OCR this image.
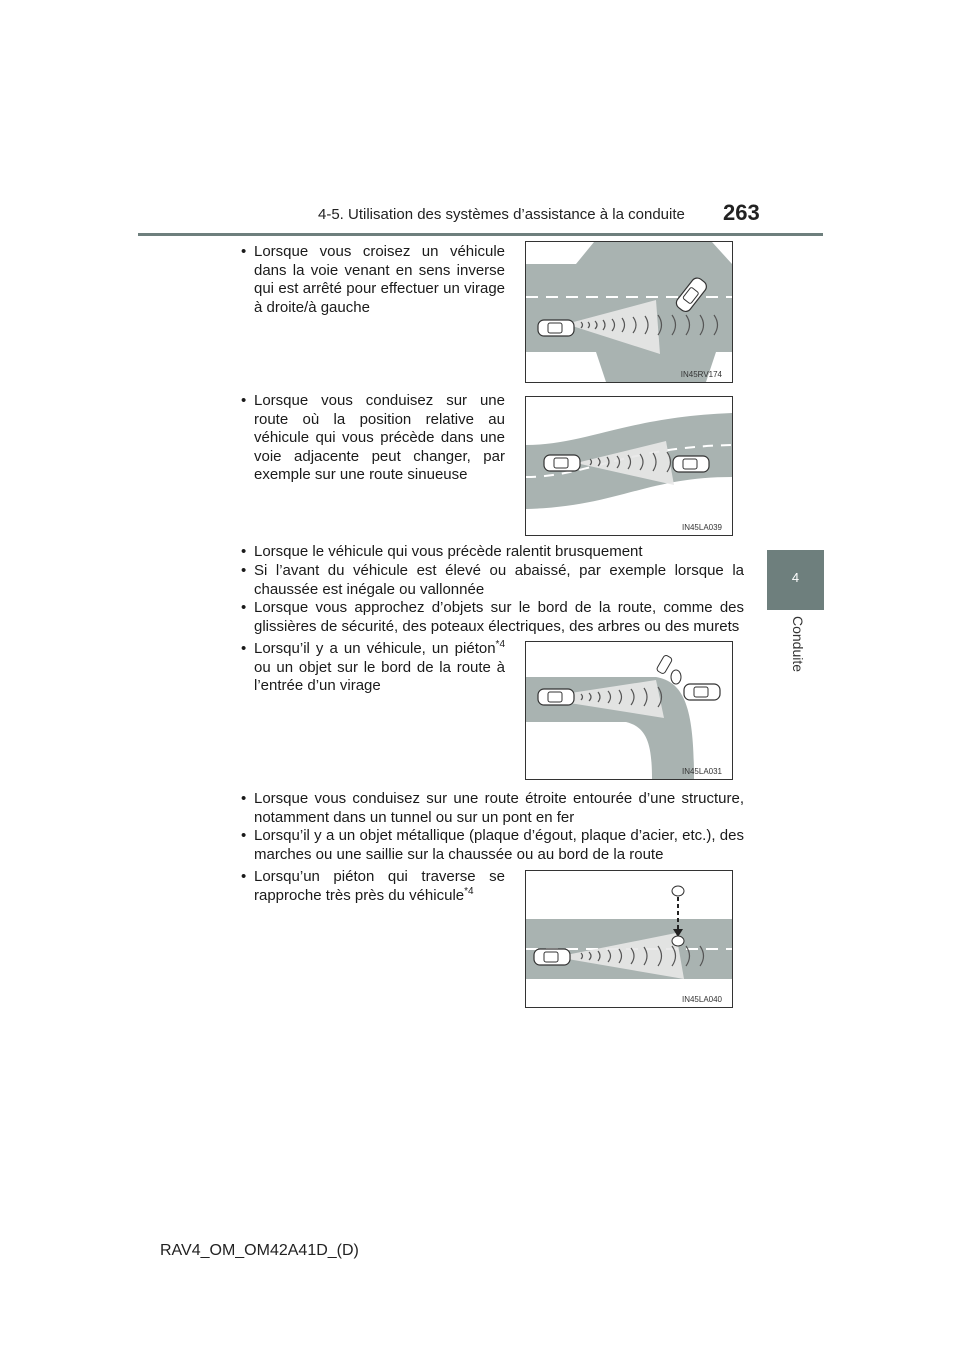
4-5. Utilisation des systèmes d’assistance à la conduite 263
4
Conduite
• Lorsque vous croisez un véhicule dans la voie venant en sens inverse qui est arrêté pour effectuer un virage à droite/à gauche
IN45RV174
• Lorsque vous conduisez sur une route où la position relative au véhicule qui vous précède dans une voie adjacente peut changer, par exemple sur une route sinueuse
IN45LA039
• Lorsque le véhicule qui vous précède ralentit brusquement
• Si l’avant du véhicule est élevé ou abaissé, par exemple lorsque la chaussée est inégale ou vallonnée
• Lorsque vous approchez d’objets sur le bord de la route, comme des glissières de sécurité, des poteaux électriques, des arbres ou des murets
• Lorsqu’il y a un véhicule, un piéton$^{*4}$ ou un objet sur le bord de la route à l’entrée d’un virage
IN45LA031
• Lorsque vous conduisez sur une route étroite entourée d’une structure, notamment dans un tunnel ou sur un pont en fer
• Lorsqu’il y a un objet métallique (plaque d’égout, plaque d’acier, etc.), des marches ou une saillie sur la chaussée ou au bord de la route
• Lorsqu’un piéton qui traverse se rapproche très près du véhicule$^{*4}$
IN45LA040
RAV4_OM_OM42A41D_(D)
